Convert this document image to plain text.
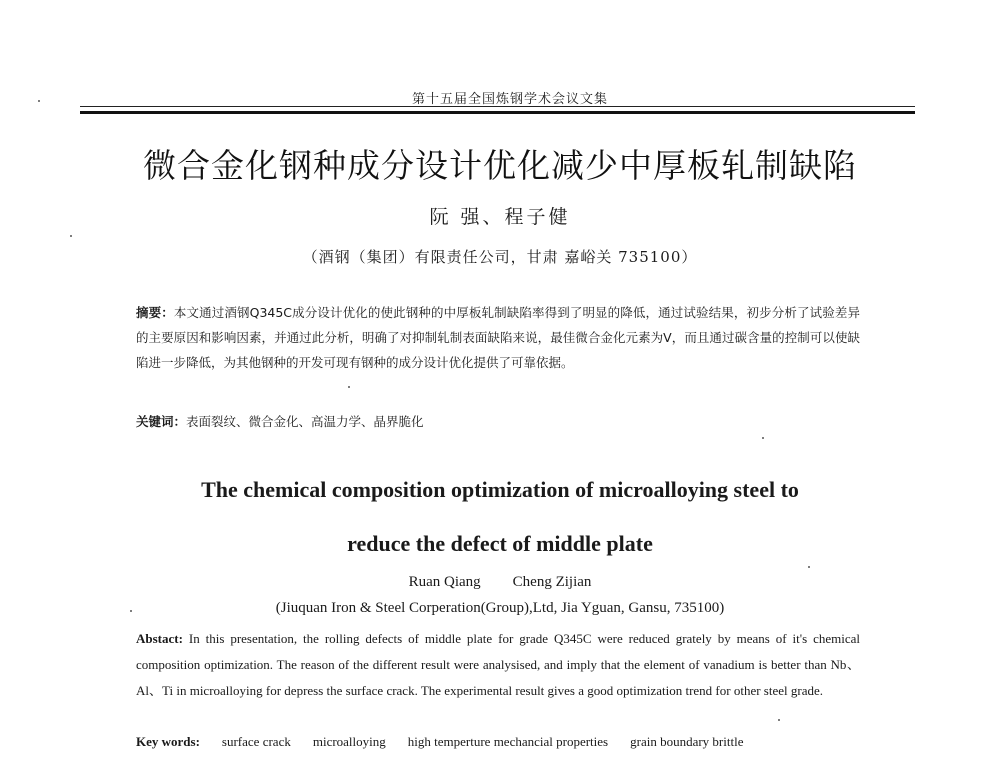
第十五届全国炼钢学术会议文集
微合金化钢种成分设计优化减少中厚板轧制缺陷
阮 强、程子健
（酒钢（集团）有限责任公司，甘肃 嘉峪关 735100）
摘要：本文通过酒钢Q345C成分设计优化的使此钢种的中厚板轧制缺陷率得到了明显的降低，通过试验结果，初步分析了试验差异的主要原因和影响因素，并通过此分析，明确了对抑制轧制表面缺陷来说，最佳微合金化元素为V，而且通过碳含量的控制可以使缺陷进一步降低，为其他钢种的开发可现有钢种的成分设计优化提供了可靠依据。
关键词：表面裂纹、微合金化、高温力学、晶界脆化
The chemical composition optimization of microalloying steel to
reduce the defect of middle plate
Ruan Qiang Cheng Zijian
(Jiuquan Iron & Steel Corperation(Group),Ltd, Jia Yguan, Gansu, 735100)
Abstact: In this presentation, the rolling defects of middle plate for grade Q345C were reduced grately by means of it's chemical composition optimization. The reason of the different result were analysised, and imply that the element of vanadium is better than Nb、Al、Ti in microalloying for depress the surface crack. The experimental result gives a good optimization trend for other steel grade.
Key words: surface crack microalloying high temperture mechancial properties grain boundary brittle
